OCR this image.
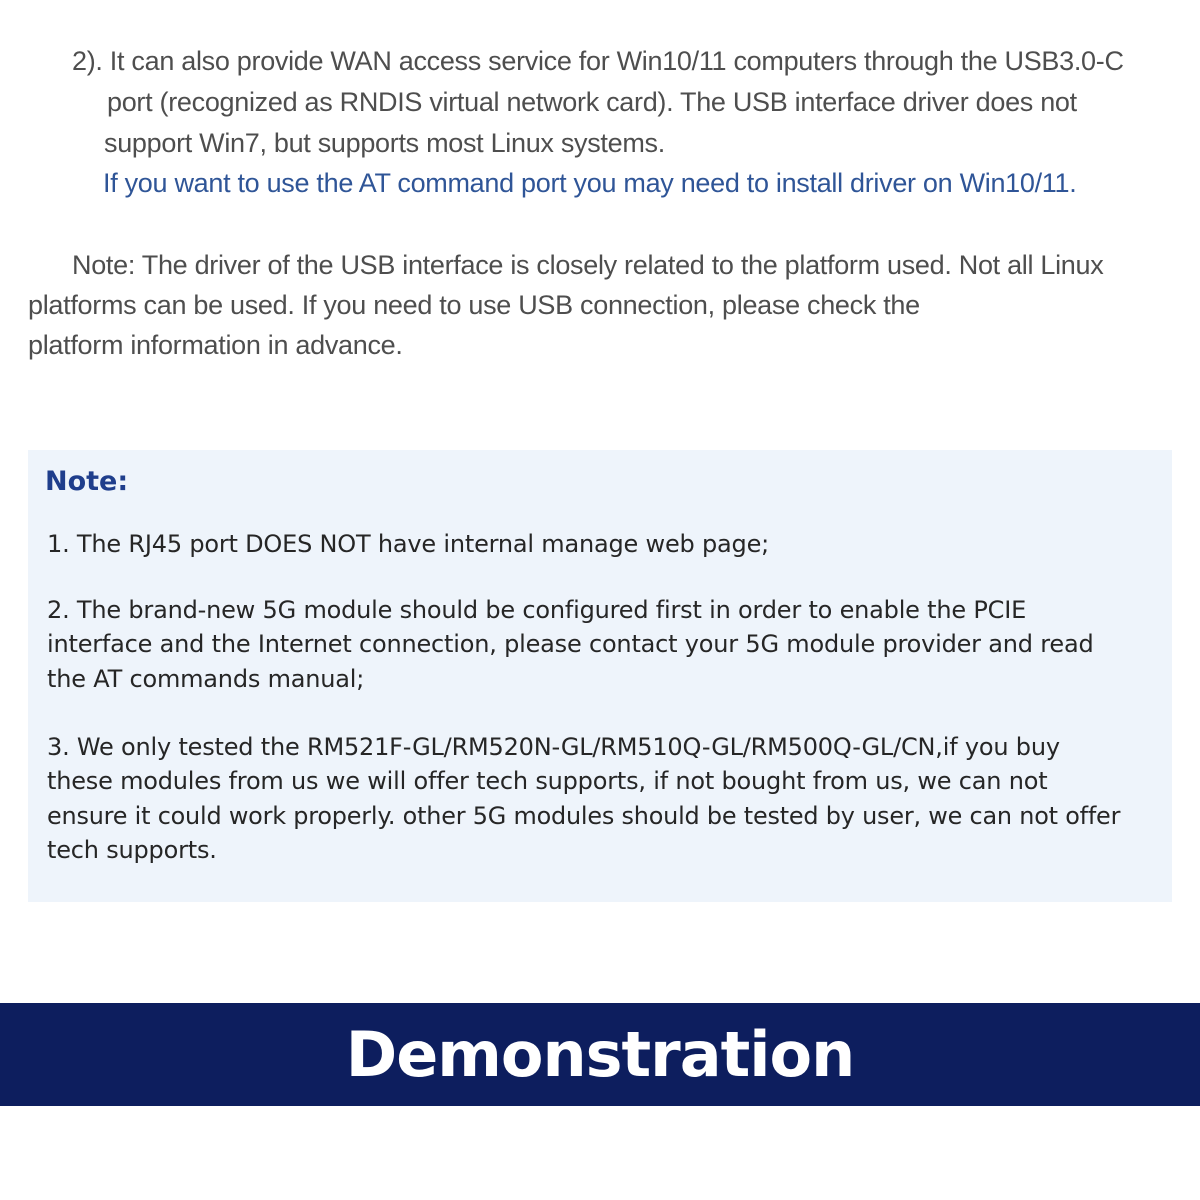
2). It can also provide WAN access service for Win10/11 computers through the USB3.0-C
port (recognized as RNDIS virtual network card). The USB interface driver does not
support Win7, but supports most Linux systems.
If you want to use the AT command port you may need to install driver on Win10/11.
Note: The driver of the USB interface is closely related to the platform used. Not all Linux
platforms can be used. If you need to use USB connection, please check the
platform information in advance.
Note:
1. The RJ45 port DOES NOT have internal manage web page;
2. The brand-new 5G module should be configured first in order to enable the PCIE
interface and the Internet connection, please contact your 5G module provider and read
the AT commands manual;
3. We only tested the RM521F-GL/RM520N-GL/RM510Q-GL/RM500Q-GL/CN,if you buy
these modules from us we will offer tech supports, if not bought from us, we can not
ensure it could work properly. other 5G modules should be tested by user, we can not offer
tech supports.
Demonstration
